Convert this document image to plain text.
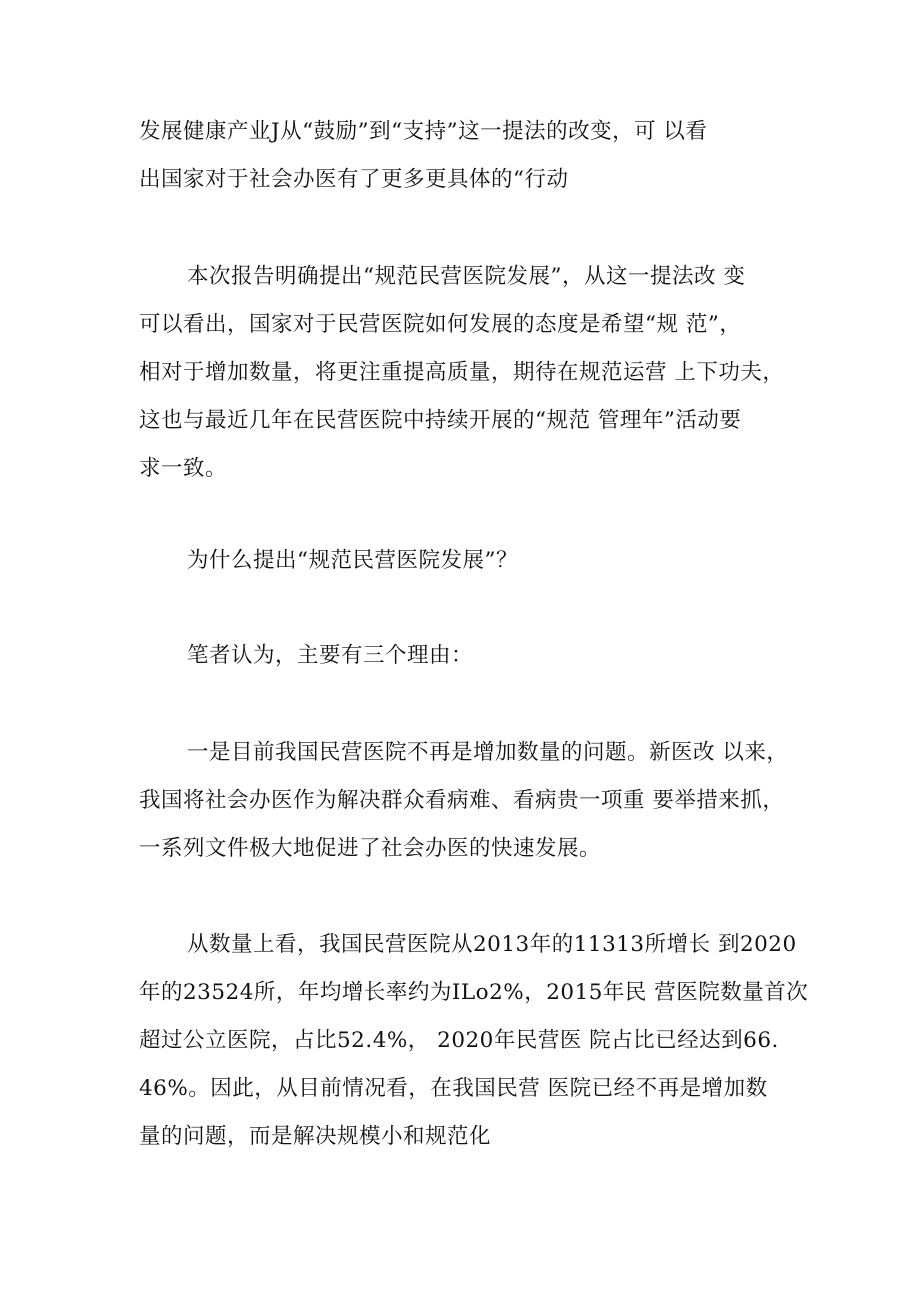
发展健康产业J从“鼓励”到“支持”这一提法的改变，可 以看
出国家对于社会办医有了更多更具体的“行动
本次报告明确提出“规范民营医院发展”，从这一提法改 变
可以看出，国家对于民营医院如何发展的态度是希望“规 范”，
相对于增加数量，将更注重提高质量，期待在规范运营 上下功夫，
这也与最近几年在民营医院中持续开展的“规范 管理年”活动要
求一致。
为什么提出“规范民营医院发展”？
笔者认为，主要有三个理由：
一是目前我国民营医院不再是增加数量的问题。新医改 以来，
我国将社会办医作为解决群众看病难、看病贵一项重 要举措来抓，
一系列文件极大地促进了社会办医的快速发展。
从数量上看，我国民营医院从2013年的11313所增长 到2020
年的23524所，年均增长率约为ILo2%，2015年民 营医院数量首次
超过公立医院，占比52.4%， 2020年民营医 院占比已经达到66.
46%。因此，从目前情况看，在我国民营 医院已经不再是增加数
量的问题，而是解决规模小和规范化
